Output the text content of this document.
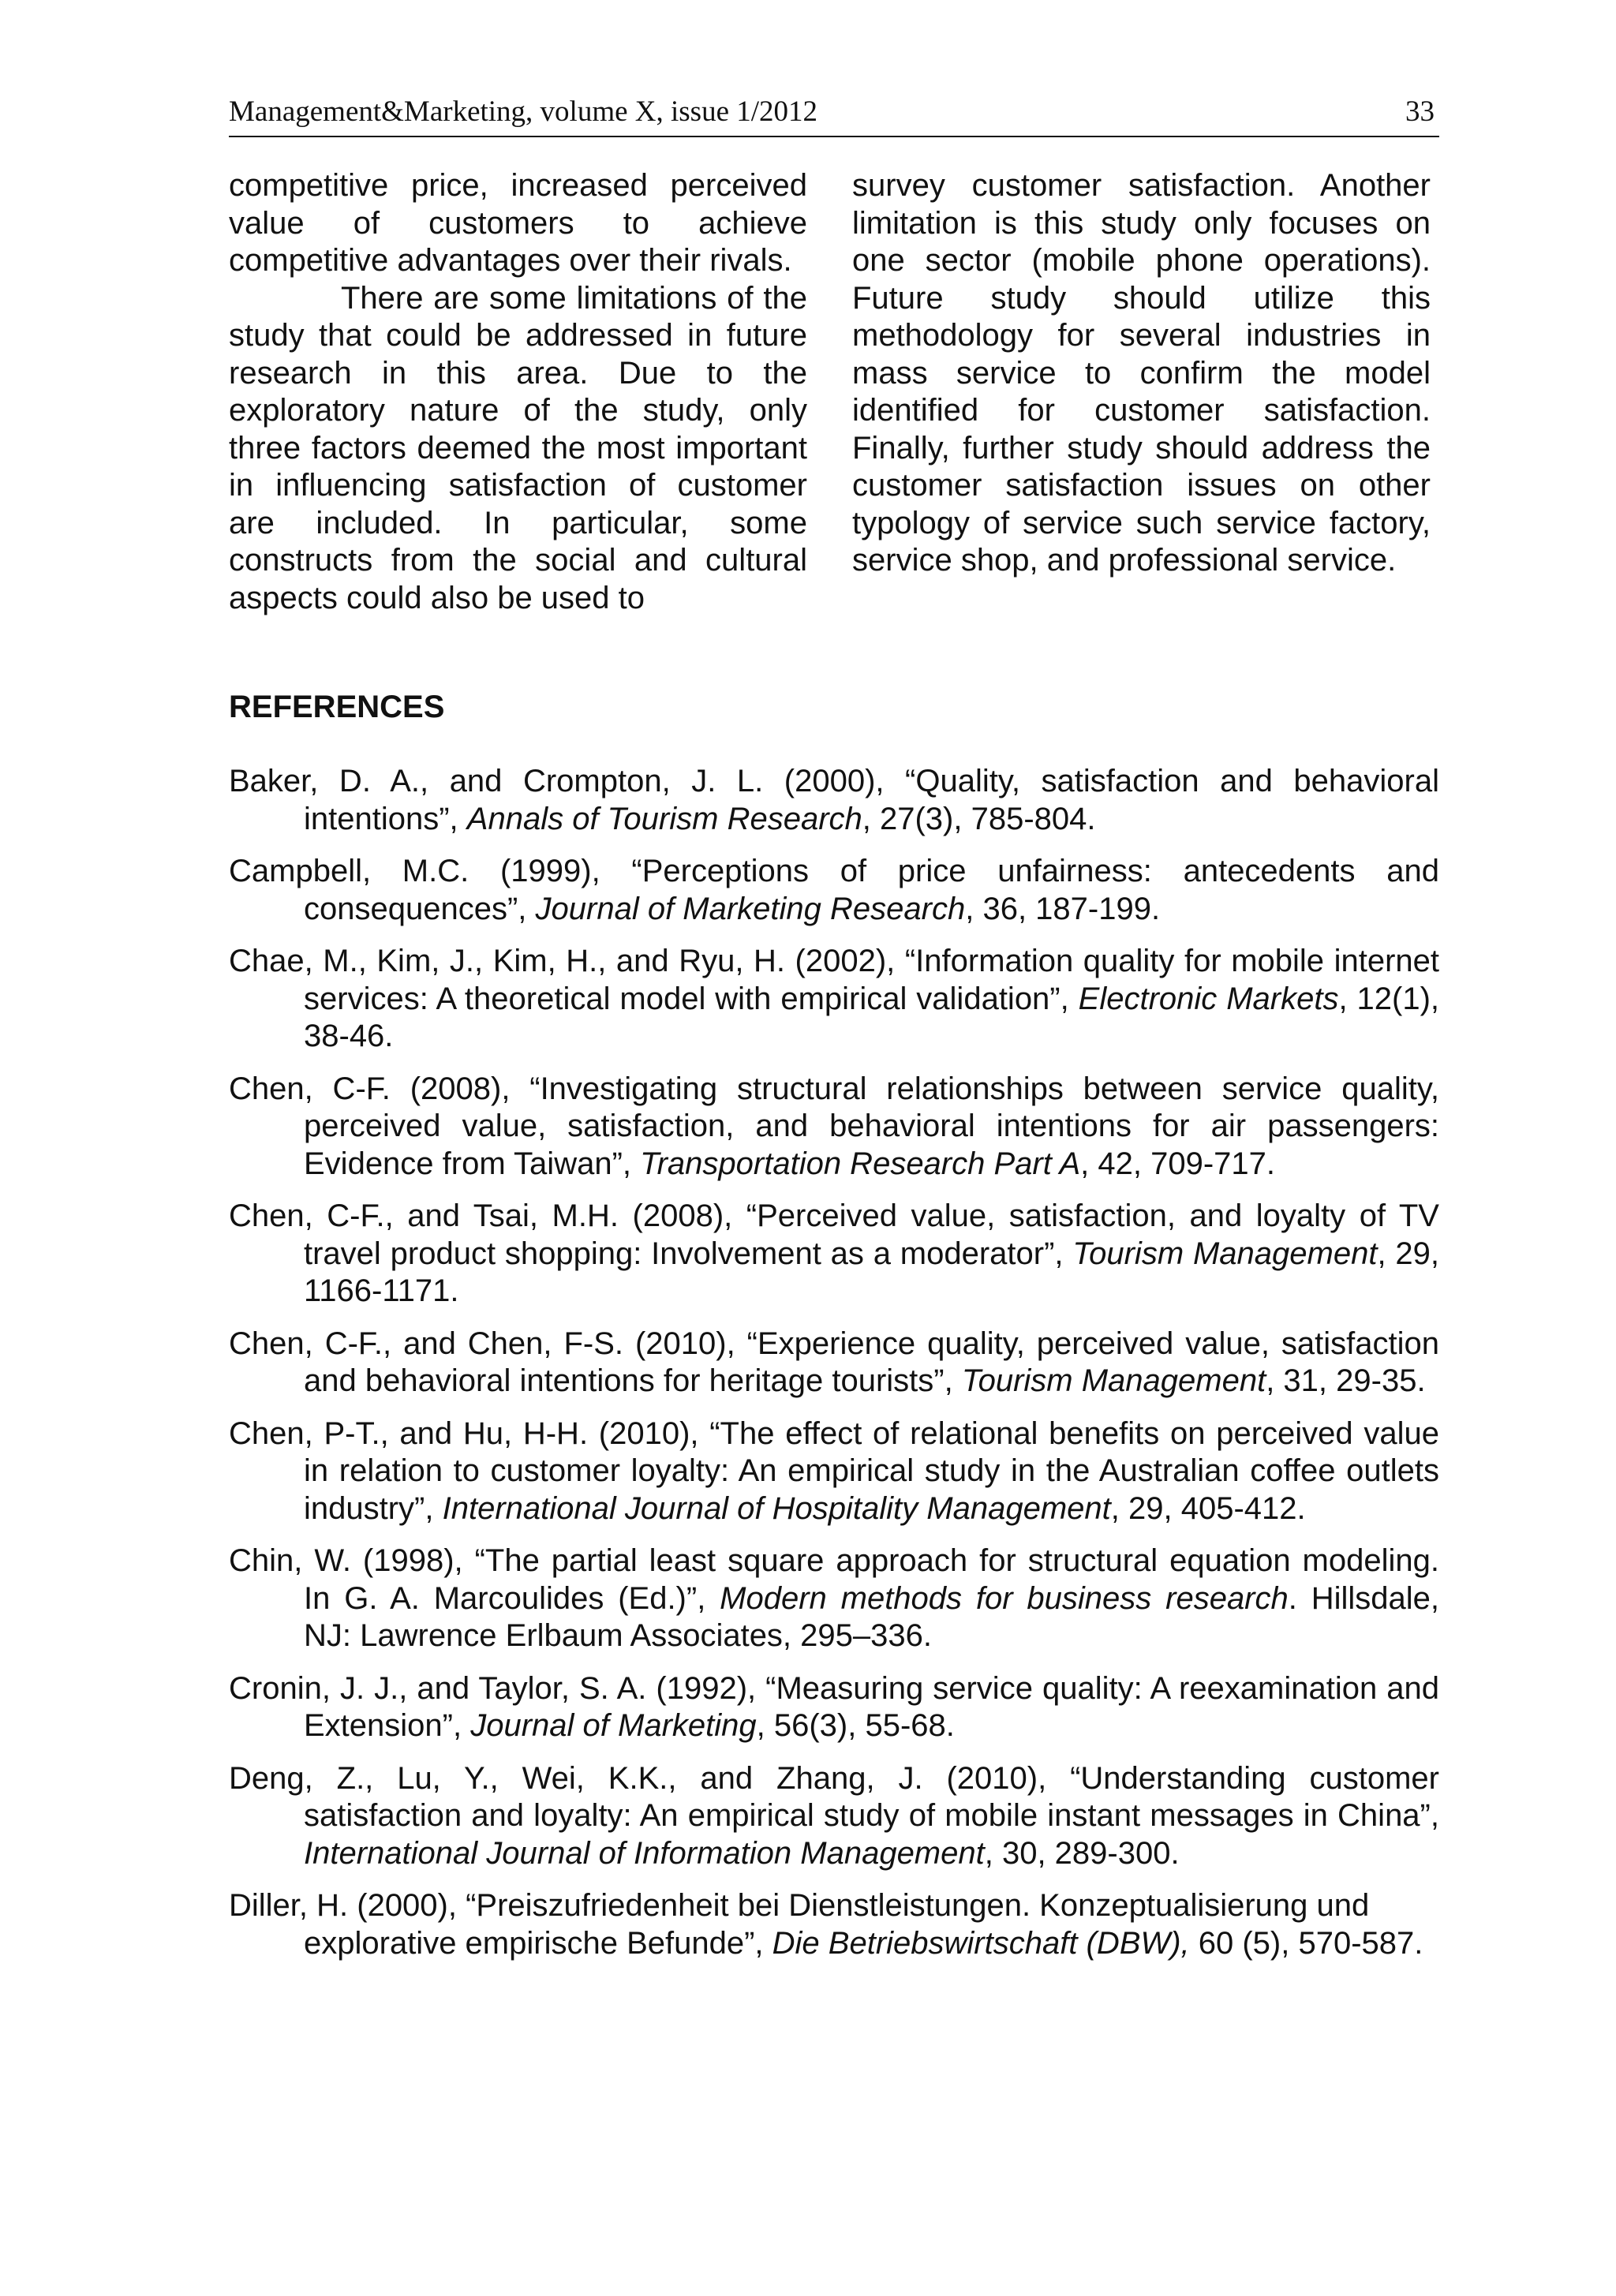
Management&Marketing, volume X, issue 1/2012	33

competitive price, increased perceived value of customers to achieve competitive advantages over their rivals.

There are some limitations of the study that could be addressed in future research in this area. Due to the exploratory nature of the study, only three factors deemed the most important in influencing satisfaction of customer are included. In particular, some constructs from the social and cultural aspects could also be used to

survey customer satisfaction. Another limitation is this study only focuses on one sector (mobile phone operations). Future study should utilize this methodology for several industries in mass service to confirm the model identified for customer satisfaction. Finally, further study should address the customer satisfaction issues on other typology of service such service factory, service shop, and professional service.

REFERENCES
Baker, D. A., and Crompton, J. L. (2000), “Quality, satisfaction and behavioral intentions”, Annals of Tourism Research, 27(3), 785-804.
Campbell, M.C. (1999), “Perceptions of price unfairness: antecedents and consequences”, Journal of Marketing Research, 36, 187-199.
Chae, M., Kim, J., Kim, H., and Ryu, H. (2002), “Information quality for mobile internet services: A theoretical model with empirical validation”, Electronic Markets, 12(1), 38-46.
Chen, C-F. (2008), “Investigating structural relationships between service quality, perceived value, satisfaction, and behavioral intentions for air passengers: Evidence from Taiwan”, Transportation Research Part A, 42, 709-717.
Chen, C-F., and Tsai, M.H. (2008), “Perceived value, satisfaction, and loyalty of TV travel product shopping: Involvement as a moderator”, Tourism Management, 29, 1166-1171.
Chen, C-F., and Chen, F-S. (2010), “Experience quality, perceived value, satisfaction and behavioral intentions for heritage tourists”, Tourism Management, 31, 29-35.
Chen, P-T., and Hu, H-H. (2010), “The effect of relational benefits on perceived value in relation to customer loyalty: An empirical study in the Australian coffee outlets industry”, International Journal of Hospitality Management, 29, 405-412.
Chin, W. (1998), “The partial least square approach for structural equation modeling. In G. A. Marcoulides (Ed.)”, Modern methods for business research. Hillsdale, NJ: Lawrence Erlbaum Associates, 295–336.
Cronin, J. J., and Taylor, S. A. (1992), “Measuring service quality: A reexamination and Extension”, Journal of Marketing, 56(3), 55-68.
Deng, Z., Lu, Y., Wei, K.K., and Zhang, J. (2010), “Understanding customer satisfaction and loyalty: An empirical study of mobile instant messages in China”, International Journal of Information Management, 30, 289-300.
Diller, H. (2000), “Preiszufriedenheit bei Dienstleistungen. Konzeptualisierung und explorative empirische Befunde”, Die Betriebswirtschaft (DBW), 60 (5), 570-587.
